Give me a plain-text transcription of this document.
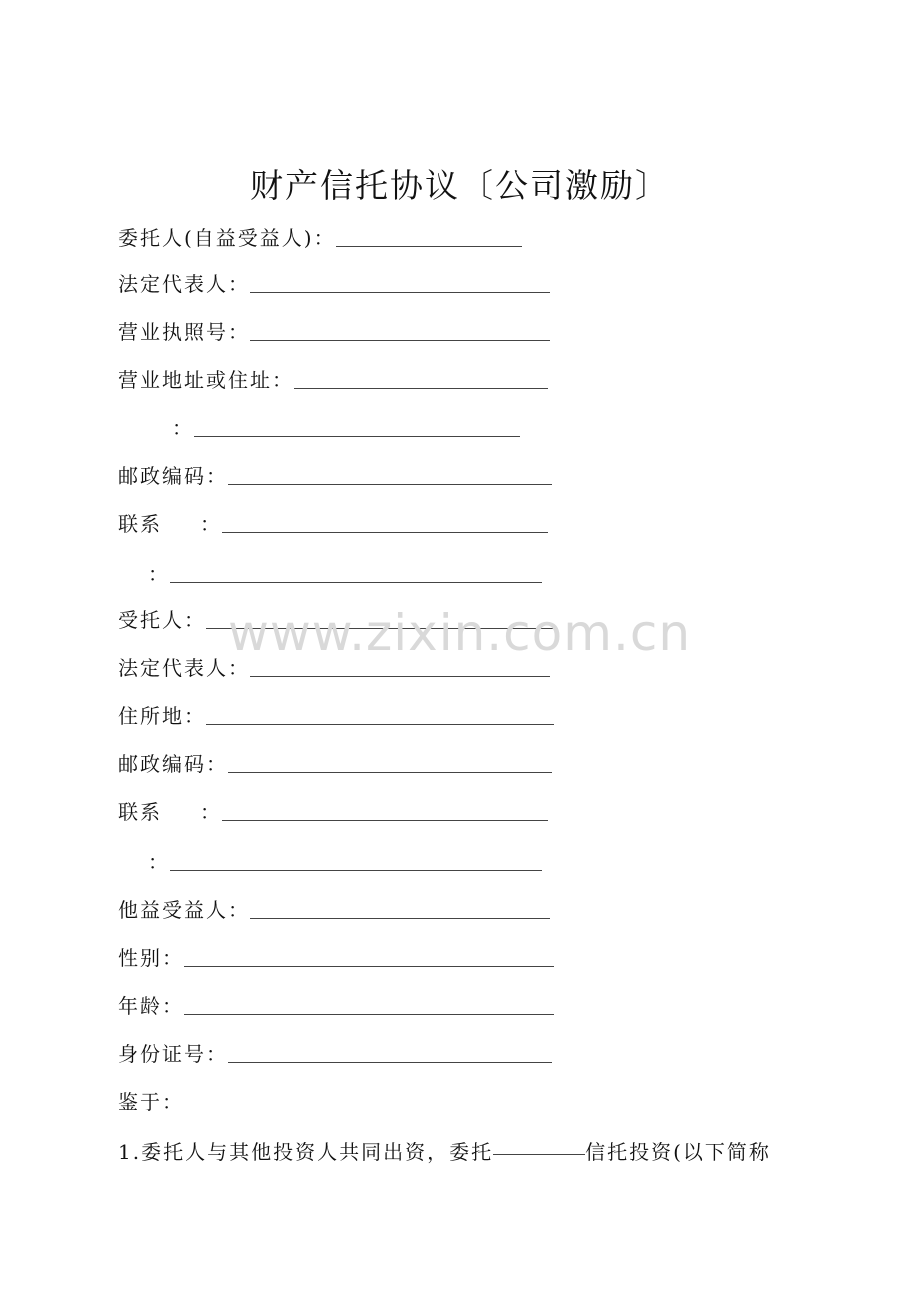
财产信托协议〔公司激励〕
委托人(自益受益人)：
法定代表人：
营业执照号：
营业地址或住址：
：
邮政编码：
联系 ：
：
受托人：
法定代表人：
住所地：
邮政编码：
联系 ：
：
他益受益人：
性别：
年龄：
身份证号：
鉴于：
1.委托人与其他投资人共同出资，委托	信托投资(以下简称
www.zixin.com.cn
